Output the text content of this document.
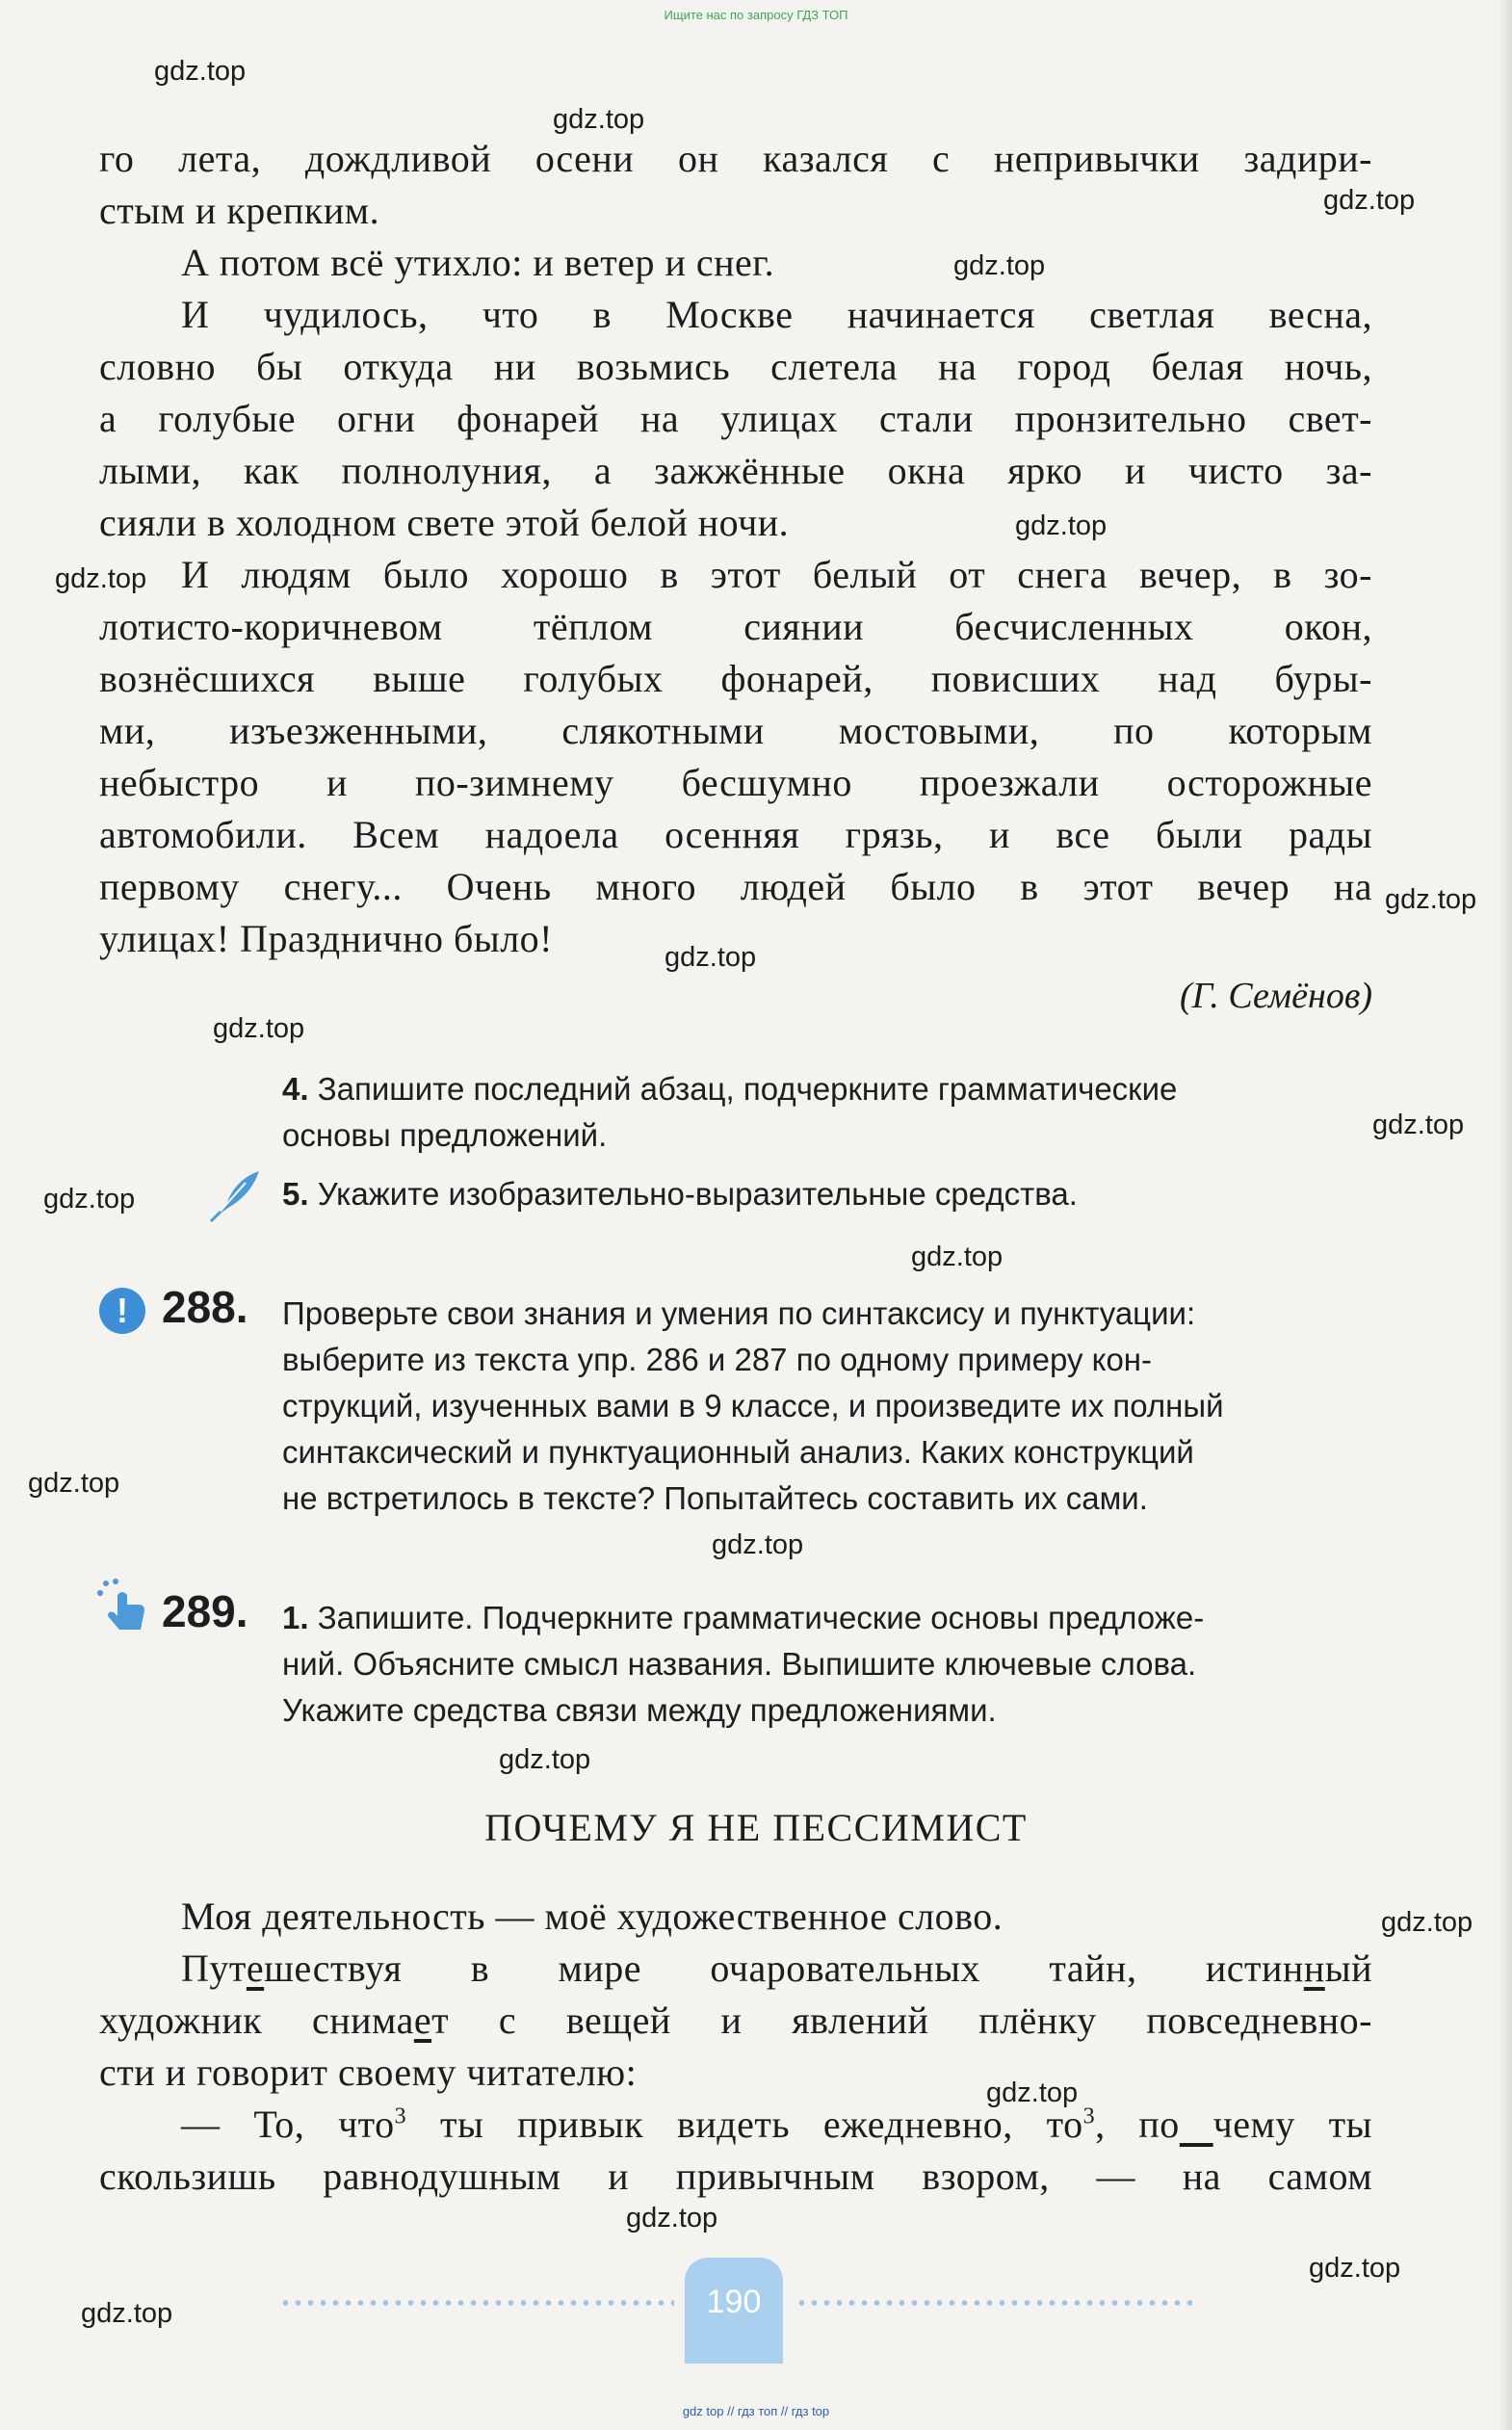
Ищите нас по запросу ГДЗ ТОП
gdz.top
gdz.top
gdz.top
gdz.top
gdz.top
gdz.top
gdz.top
gdz.top
gdz.top
gdz.top
gdz.top
gdz.top
gdz.top
gdz.top
gdz.top
gdz.top
gdz.top
gdz.top
gdz.top
gdz.top
го лета, дождливой осени он казался с непривычки задири-
стым и крепким.
А потом всё утихло: и ветер и снег.
И чудилось, что в Москве начинается светлая весна,
словно бы откуда ни возьмись слетела на город белая ночь,
а голубые огни фонарей на улицах стали пронзительно свет-
лыми, как полнолуния, а зажжённые окна ярко и чисто за-
сияли в холодном свете этой белой ночи.
И людям было хорошо в этот белый от снега вечер, в зо-
лотисто-коричневом тёплом сиянии бесчисленных окон,
вознёсшихся выше голубых фонарей, повисших над буры-
ми, изъезженными, слякотными мостовыми, по которым
небыстро и по-зимнему бесшумно проезжали осторожные
автомобили. Всем надоела осенняя грязь, и все были рады
первому снегу... Очень много людей было в этот вечер на
улицах! Празднично было!
(Г. Семёнов)
4. Запишите последний абзац, подчеркните грамматические
основы предложений.
5. Укажите изобразительно-выразительные средства.
! 288. Проверьте свои знания и умения по синтаксису и пунктуации:
выберите из текста упр. 286 и 287 по одному примеру кон-
струкций, изученных вами в 9 классе, и произведите их полный
синтаксический и пунктуационный анализ. Каких конструкций
не встретилось в тексте? Попытайтесь составить их сами.
289. 1. Запишите. Подчеркните грамматические основы предложе-
ний. Объясните смысл названия. Выпишите ключевые слова.
Укажите средства связи между предложениями.
ПОЧЕМУ Я НЕ ПЕССИМИСТ
Моя деятельность — моё художественное слово.
Путешествуя в мире очаровательных тайн, истинный
художник снимает с вещей и явлений плёнку повседневно-
сти и говорит своему читателю:
— То, что$^3$ ты привык видеть ежедневно, $то^3$, по чему ты
скользишь равнодушным и привычным взором, — на самом
190
gdz top // гдз топ // гдз top
